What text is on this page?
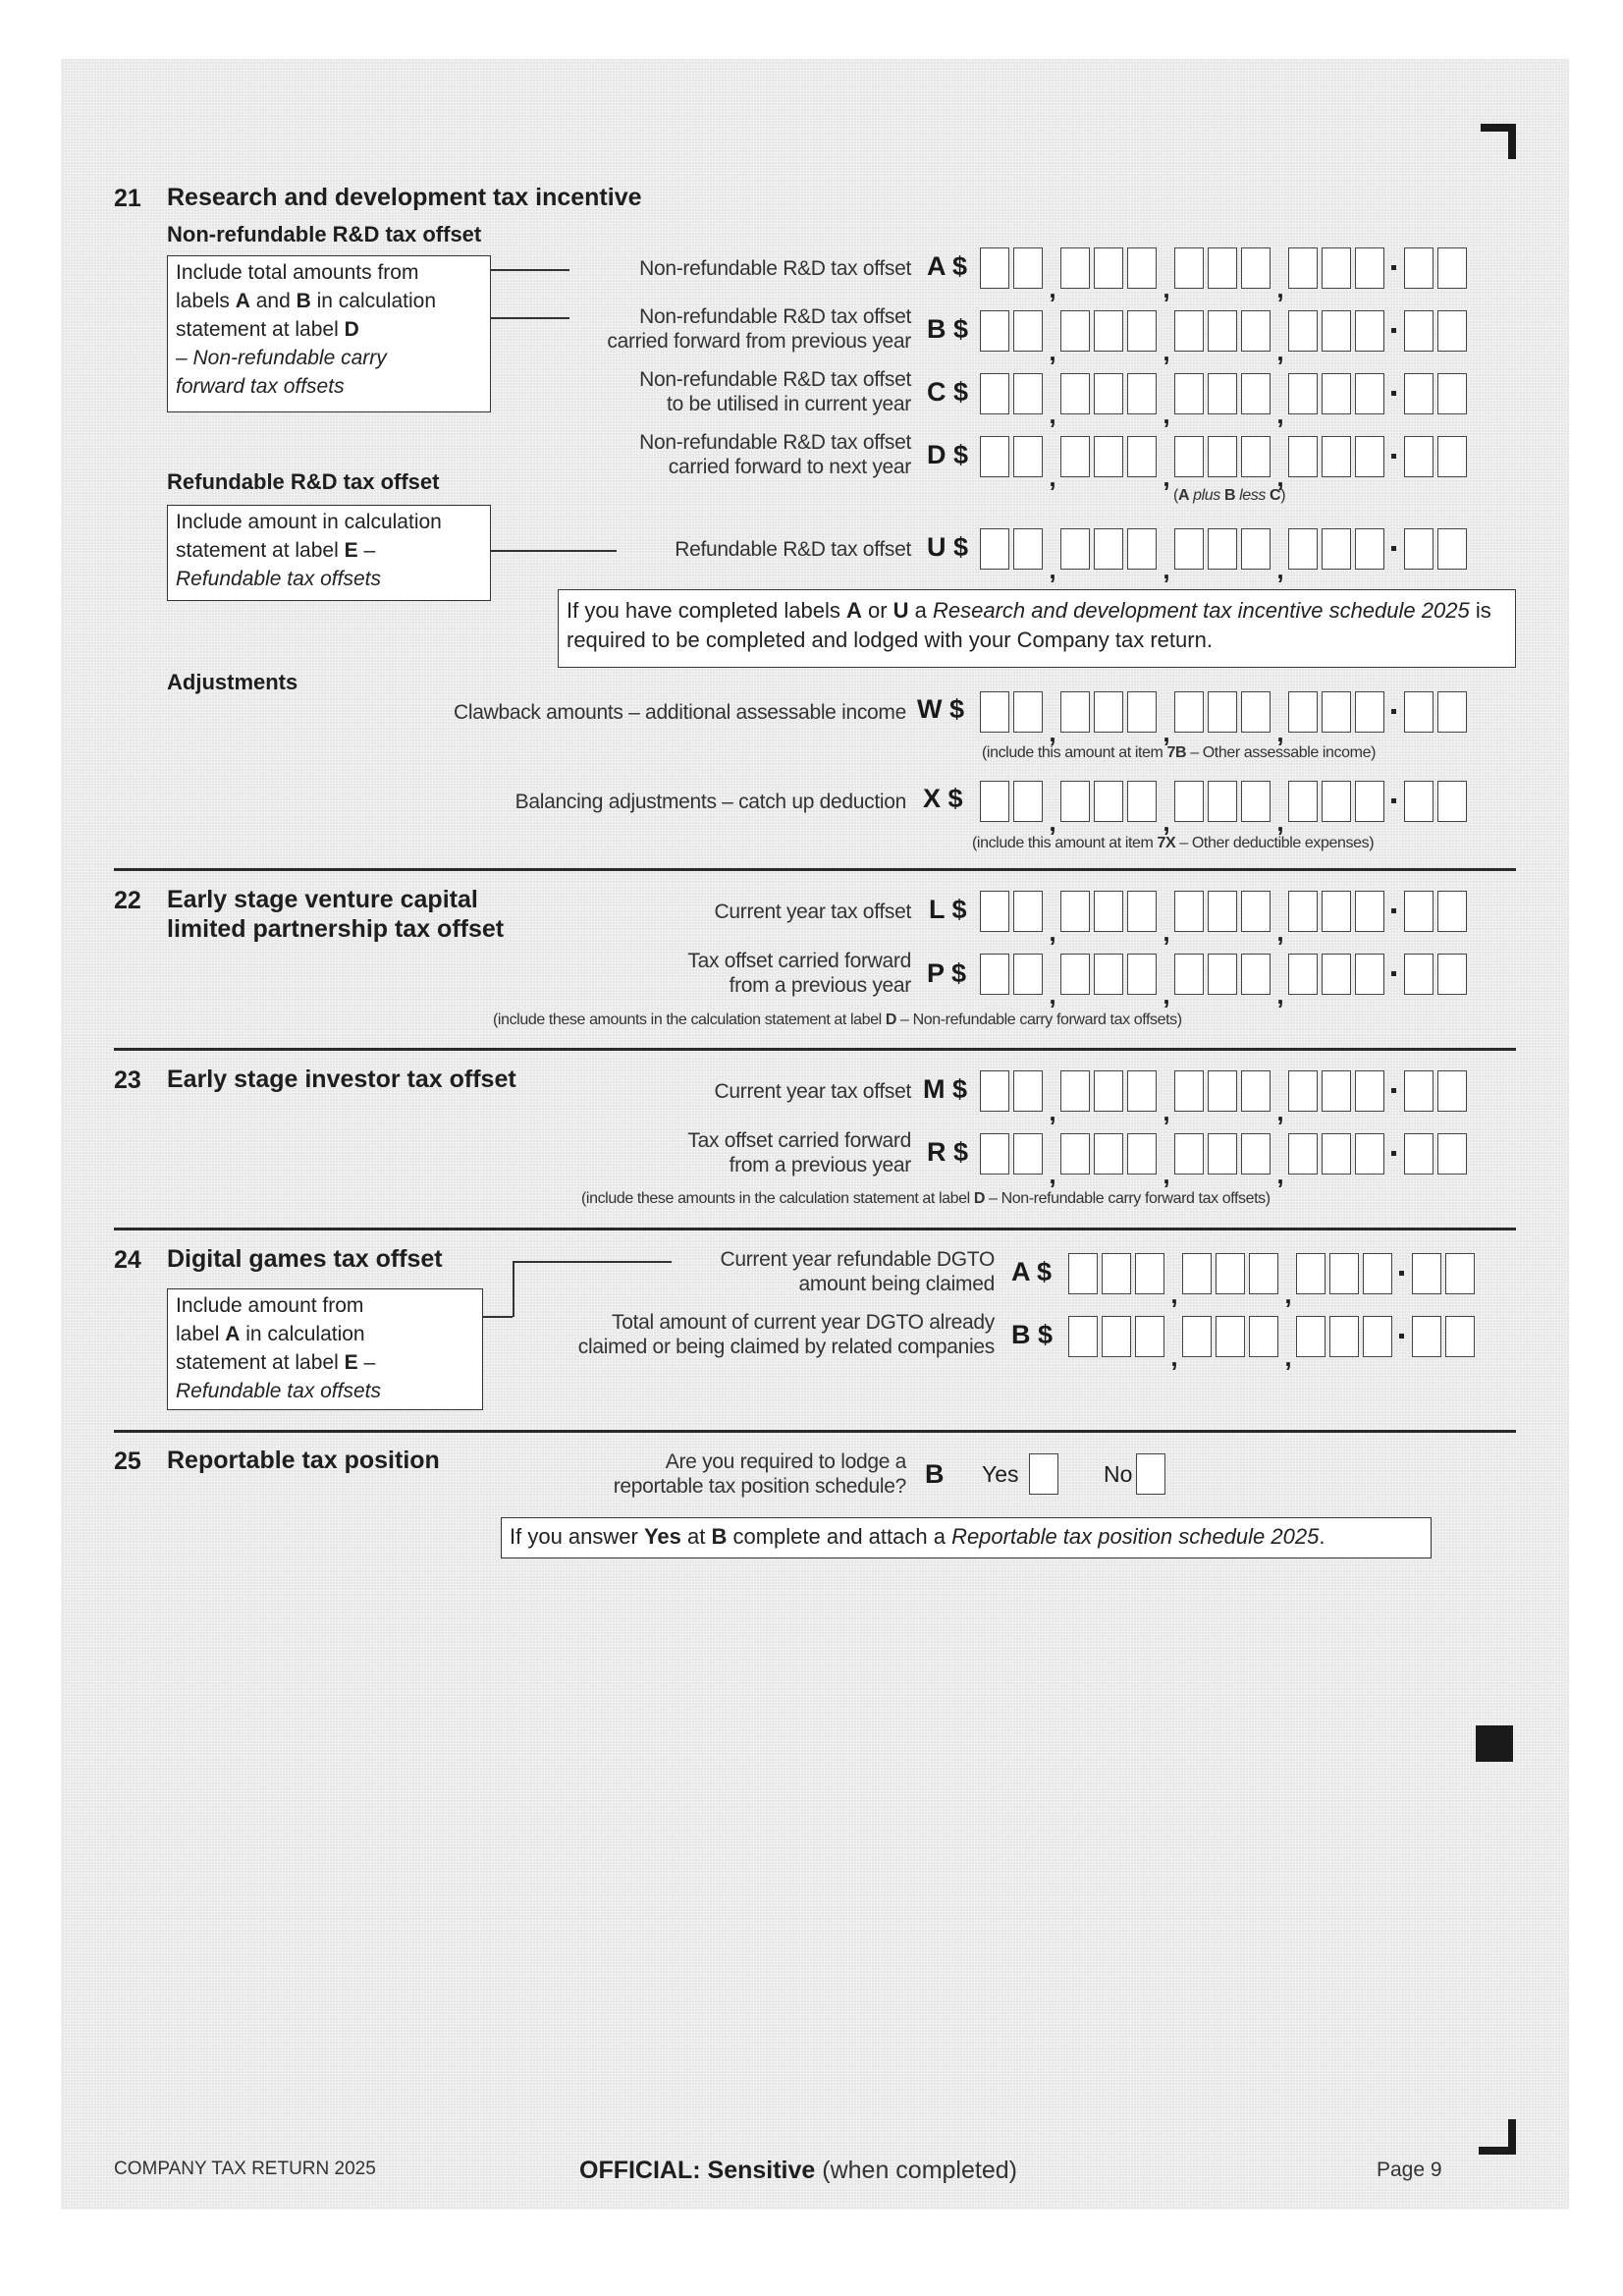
21 Research and development tax incentive
Non-refundable R&D tax offset
Include total amounts from
labels A and B in calculation
statement at label D
– Non-refundable carry
forward tax offsets
Non-refundable R&D tax offset A $
,	,	,
Non-refundable R&D tax offset
carried forward from previous year B $
,	,	,
Non-refundable R&D tax offset
to be utilised in current year C $
,	,	,
Refundable R&D tax offset
Non-refundable R&D tax offset
carried forward to next year D $
,	,	,
(A plus B less C)
Include amount in calculation
statement at label E –
Refundable tax offsets
Refundable R&D tax offset U $
,	,	,
If you have completed labels A or U a Research and development tax incentive schedule 2025 is required to be completed and lodged with your Company tax return.
Adjustments
Clawback amounts – additional assessable income W $
,	,	,
(include this amount at item 7B – Other assessable income)
Balancing adjustments – catch up deduction X $
,	,	,
(include this amount at item 7X – Other deductible expenses)
22 Early stage venture capital
limited partnership tax offset
Current year tax offset L $
,	,	,
Tax offset carried forward
from a previous year P $
,	,	,
(include these amounts in the calculation statement at label D – Non-refundable carry forward tax offsets)
23 Early stage investor tax offset	Current year tax offset M $
,	,	,
Tax offset carried forward
from a previous year R $
,	,	,
(include these amounts in the calculation statement at label D – Non-refundable carry forward tax offsets)
24 Digital games tax offset
Include amount from
label A in calculation
statement at label E –
Refundable tax offsets
Current year refundable DGTO
amount being claimed A $
,	,
Total amount of current year DGTO already
claimed or being claimed by related companies B $
,	,
25 Reportable tax position	Are you required to lodge a
reportable tax position schedule? B Yes	No
If you answer Yes at B complete and attach a Reportable tax position schedule 2025.
COMPANY TAX RETURN 2025	OFFICIAL: Sensitive (when completed)	Page 9
